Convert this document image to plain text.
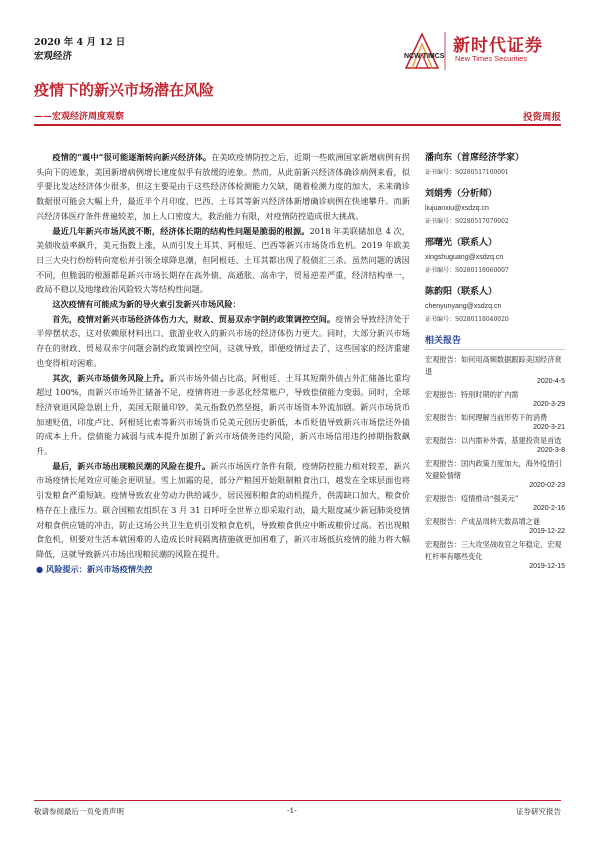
2020 年 4 月 12 日
宏观经济	NCW TIMCS
新时代证券
New Times Securities
疫情下的新兴市场潜在风险
——宏观经济周度观察	投资周报

疫情的“震中”很可能逐渐转向新兴经济体。在美欧疫情防控之后，近期一些欧洲国家新增病例有拐头向下的迹象，美国新增病例增长速度似乎有放缓的迹象。然而，从此前新兴经济体确诊病例来看，似乎要比发达经济体少很多，但这主要是由于这些经济体检测能力欠缺，随着检测力度的加大，未来确诊数据很可能会大幅上升，最近半个月印度、巴西、土耳其等新兴经济体新增确诊病例在快速攀升。而新兴经济体医疗条件普遍较差，加上人口密度大，救治能力有限，对疫情防控造成很大挑战。

最近几年新兴市场风波不断，经济体长期的结构性问题是脆弱的根源。2018 年美联储加息 4 次，美债收益率飙升，美元指数上涨，从而引发土耳其、阿根廷、巴西等新兴市场货币危机。2019 年欧美日三大央行纷纷转向宽松并引领全球降息潮，但阿根廷、土耳其都出现了股债汇三杀。虽然问题的诱因不同，但脆弱的根源都是新兴市场长期存在高外债、高通胀、高赤字，贸易逆差严重，经济结构单一，政局不稳以及地缘政治风险较大等结构性问题。

这次疫情有可能成为新的导火索引发新兴市场风险：

首先，疫情对新兴市场经济体伤力大，财政、贸易双赤字制约政策调控空间。疫情会导致经济处于半停摆状态，这对依赖原材料出口、旅游业收入的新兴市场的经济体伤力更大。同时，大部分新兴市场存在的财政、贸易双赤字问题会制约政策调控空间，这就导致，即便疫情过去了，这些国家的经济重建也变得相对困难。

其次，新兴市场债务风险上升。新兴市场外债占比高，阿根廷、土耳其短期外债占外汇储备比重均超过 100%，而新兴市场外汇储备不足，疫情将进一步恶化经常账户，导致偿债能力变弱。同时，全球经济衰退风险急剧上升，美国无限量印钞，美元指数仍然坚挺，新兴市场资本外流加剧。新兴市场货币加速贬值，印度卢比、阿根廷比索等新兴市场货币兑美元创历史新低，本币贬值导致新兴市场偿还外债的成本上升。偿债能力减弱与成本提升加剧了新兴市场债务违约风险，新兴市场信用违约掉期指数飙升。

最后，新兴市场出现粮民潮的风险在提升。新兴市场医疗条件有限，疫情防控能力相对较差，新兴市场疫情长尾效应可能会更明显。雪上加霜的是，部分产粮国开始限制粮食出口，越发在全球层面也将引发粮食严重短缺。疫情导致农业劳动力供给减少，居民囤积粮食的动机提升，供需缺口加大，粮食价格存在上涨压力。联合国粮农组织在 3 月 31 日呼吁全世界立即采取行动，最大限度减少新冠肺炎疫情对粮食供应链的冲击，防止这场公共卫生危机引发粮食危机，导致粮食供应中断或粮价过高。若出现粮食危机，则要对生活本就困难的人造成长时间隔离措施就更加困难了，新兴市场抵抗疫情的能力将大幅降低，这就导致新兴市场出现粮民潮的风险在提升。

● 风险提示：新兴市场疫情失控

潘向东（首席经济学家）
证书编号：S0280517100001
刘娟秀（分析师）
liujuanxiu@xsdzq.cn
证书编号：S0280517070002
邢曙光（联系人）
xingshuguang@xsdzq.cn
证书编号：S0280118060007
陈韵阳（联系人）
chenyunyang@xsdzq.cn
证书编号：S0280118040020
相关报告
宏观报告：如何用高频数据跟踪美国经济衰退
2020-4-5
宏观报告：特别时期的扩内需
2020-3-29
宏观报告：如何理解当前形势下的消费
2020-3-21
宏观报告：以内需补外需，基建投资是首选
2020-3-8
宏观报告：国内政策力度加大，海外疫情引发避险情绪
2020-02-23
宏观报告：疫情推动“强美元”
2020-2-16
宏观报告：产成品周转天数高增之谜
2019-12-22
宏观报告：三大攻坚战收官之年稳定、宏观杠杆率有哪些变化
2019-12-15
敬请参阅最后一页免责声明	-1-	证券研究报告
